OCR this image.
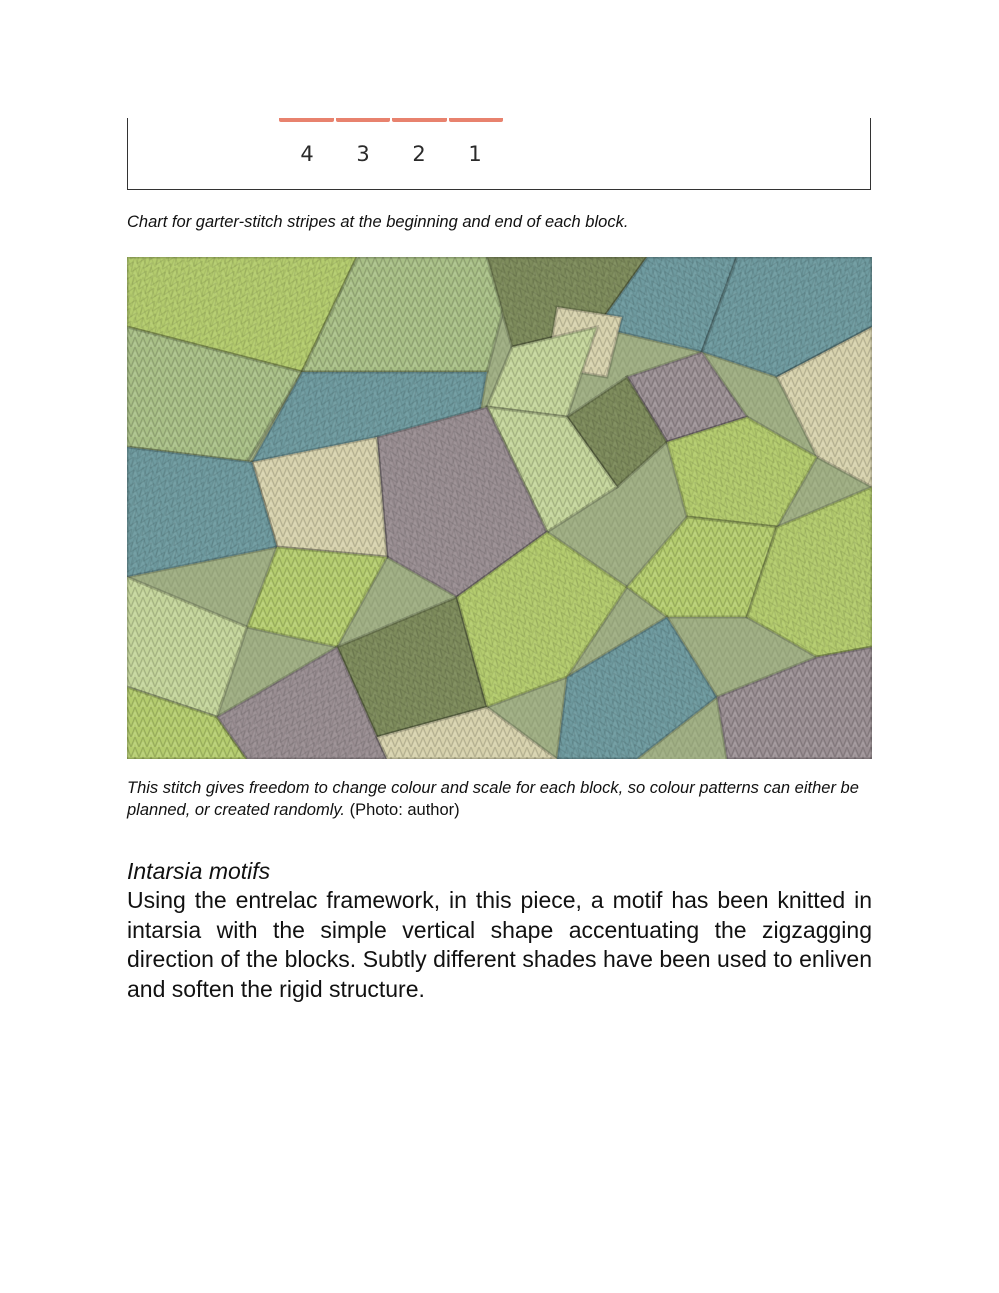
4	3	2	1
Chart for garter-stitch stripes at the beginning and end of each block.
This stitch gives freedom to change colour and scale for each block, so colour patterns can either be planned, or created randomly. (Photo: author)
Intarsia motifs
Using the entrelac framework, in this piece, a motif has been knitted in intarsia with the simple vertical shape accentuating the zigzagging direction of the blocks. Subtly different shades have been used to enliven and soften the rigid structure.
